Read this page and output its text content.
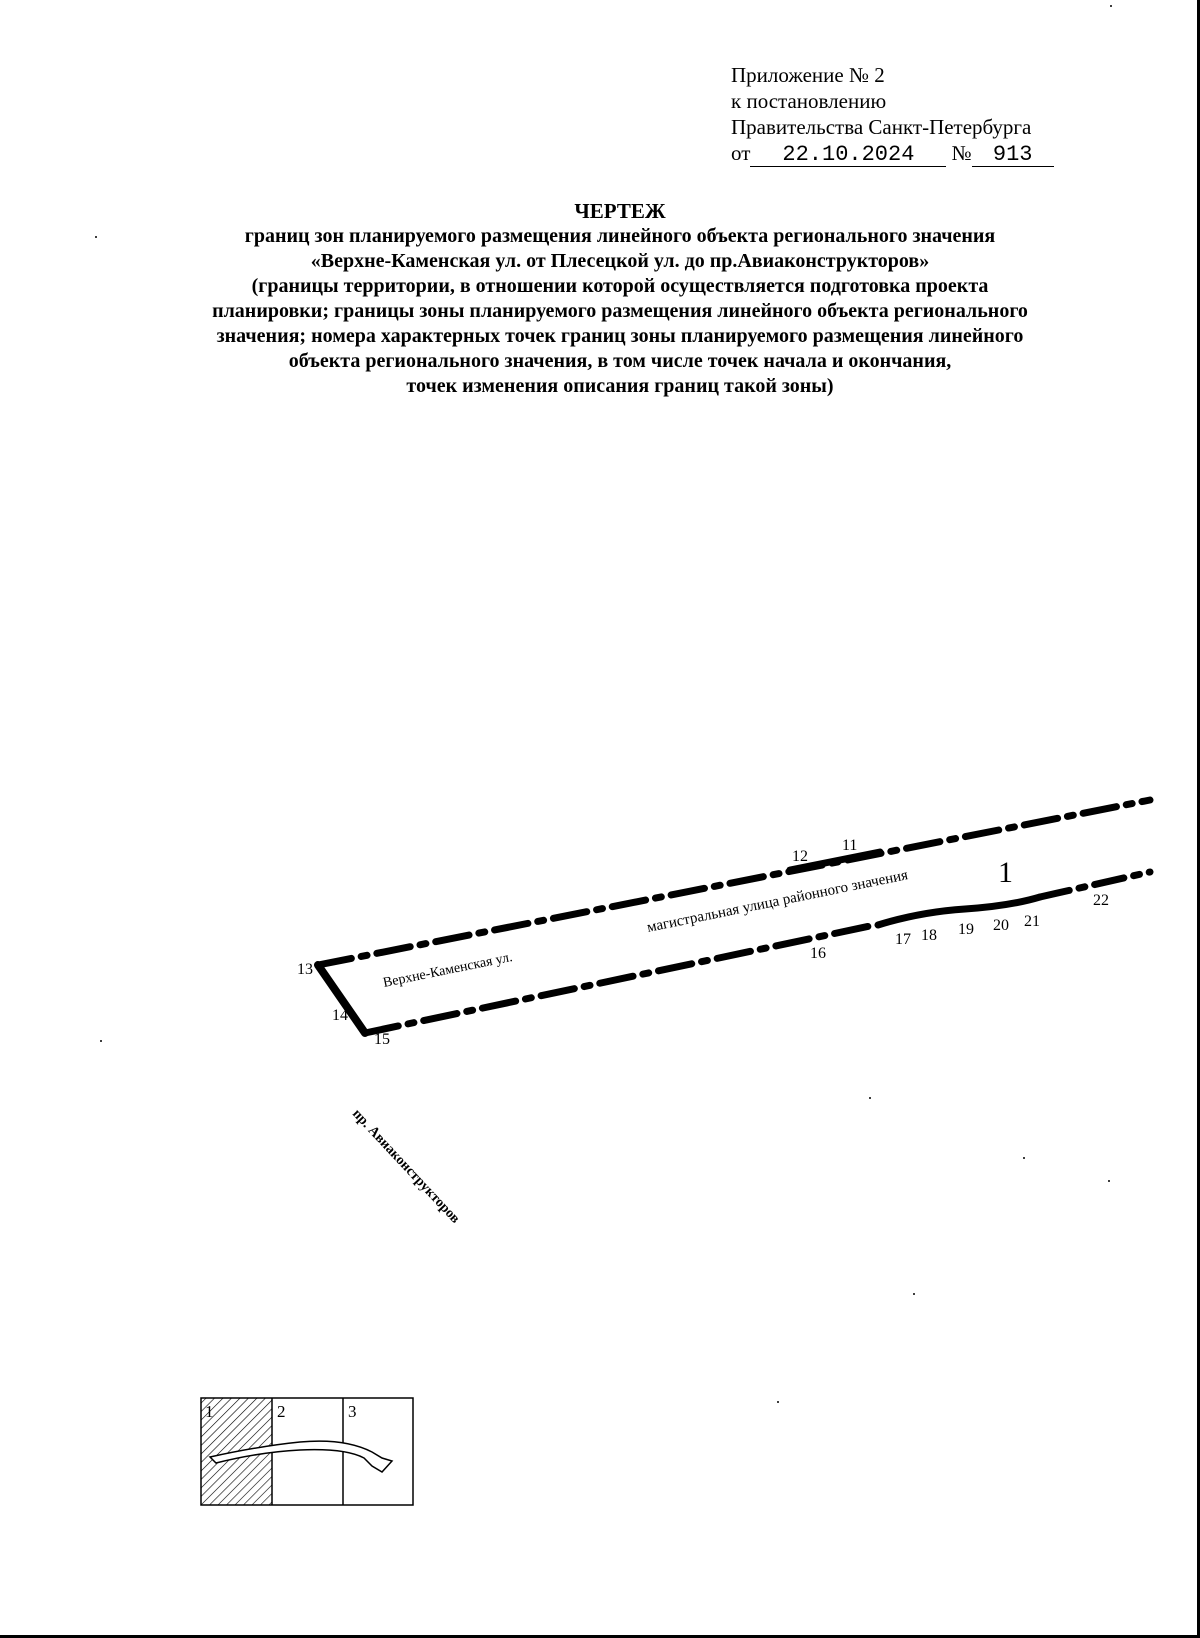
Приложение № 2
к постановлению
Правительства Санкт-Петербурга
от 22.10.2024 № 913
ЧЕРТЕЖ
границ зон планируемого размещения линейного объекта регионального значения
«Верхне-Каменская ул. от Плесецкой ул. до пр.Авиаконструкторов»
(границы территории, в отношении которой осуществляется подготовка проекта
планировки; границы зоны планируемого размещения линейного объекта регионального
значения; номера характерных точек границ зоны планируемого размещения линейного
объекта регионального значения, в том числе точек начала и окончания,
точек изменения описания границ такой зоны)
11
12
13
14
15
16
17 18 19 20 21
22
1
магистральная улица районного значения
Верхне-Каменская ул.
пр. Авиаконструкторов
1	2	3
